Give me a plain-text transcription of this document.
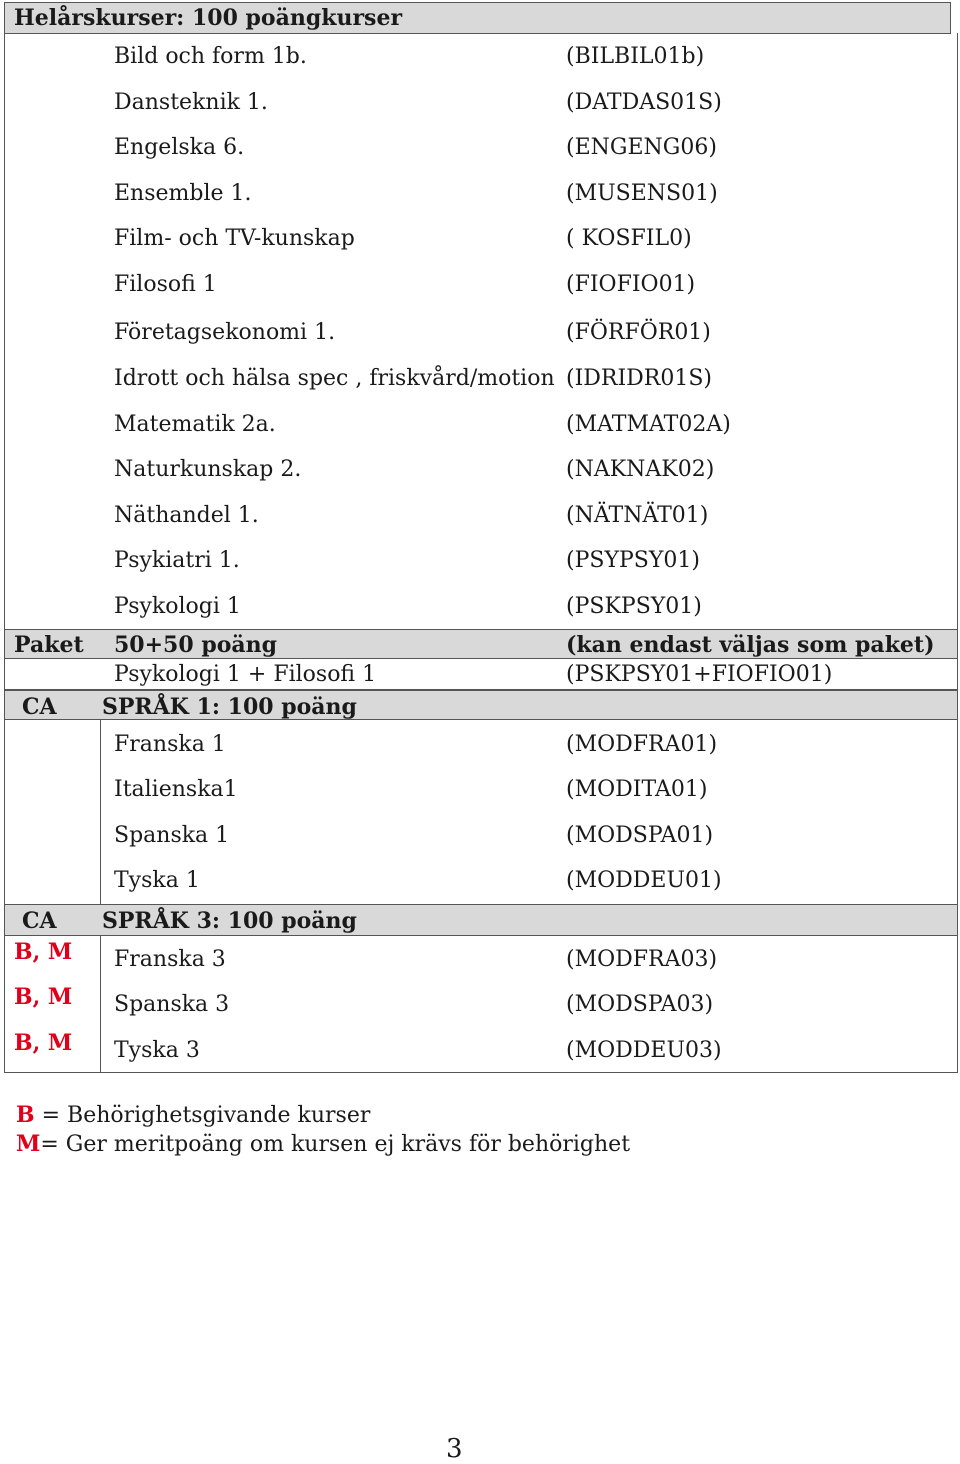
Helårskurser: 100 poängkurser
Bild och form 1b.	(BILBIL01b)
Dansteknik 1.	(DATDAS01S)
Engelska 6.	(ENGENG06)
Ensemble 1.	(MUSENS01)
Film- och TV-kunskap	( KOSFIL0)
Filosofi 1	(FIOFIO01)
Företagsekonomi 1.	(FÖRFÖR01)
Idrott och hälsa spec , friskvård/motion (IDRIDR01S)
Matematik 2a.	(MATMAT02A)
Naturkunskap 2.	(NAKNAK02)
Näthandel 1.	(NÄTNÄT01)
Psykiatri 1.	(PSYPSY01)
Psykologi 1	(PSKPSY01)
Paket 50+50 poäng	(kan endast väljas som paket)
Psykologi 1 + Filosofi 1	(PSKPSY01+FIOFIO01)
CA SPRÅK 1: 100 poäng
Franska 1	(MODFRA01)
Italienska1	(MODITA01)
Spanska 1	(MODSPA01)
Tyska 1	(MODDEU01)
CA SPRÅK 3: 100 poäng
B, M Franska 3	(MODFRA03)
B, M Spanska 3	(MODSPA03)
B, M Tyska 3	(MODDEU03)
B = Behörighetsgivande kurser
M= Ger meritpoäng om kursen ej krävs för behörighet
3
